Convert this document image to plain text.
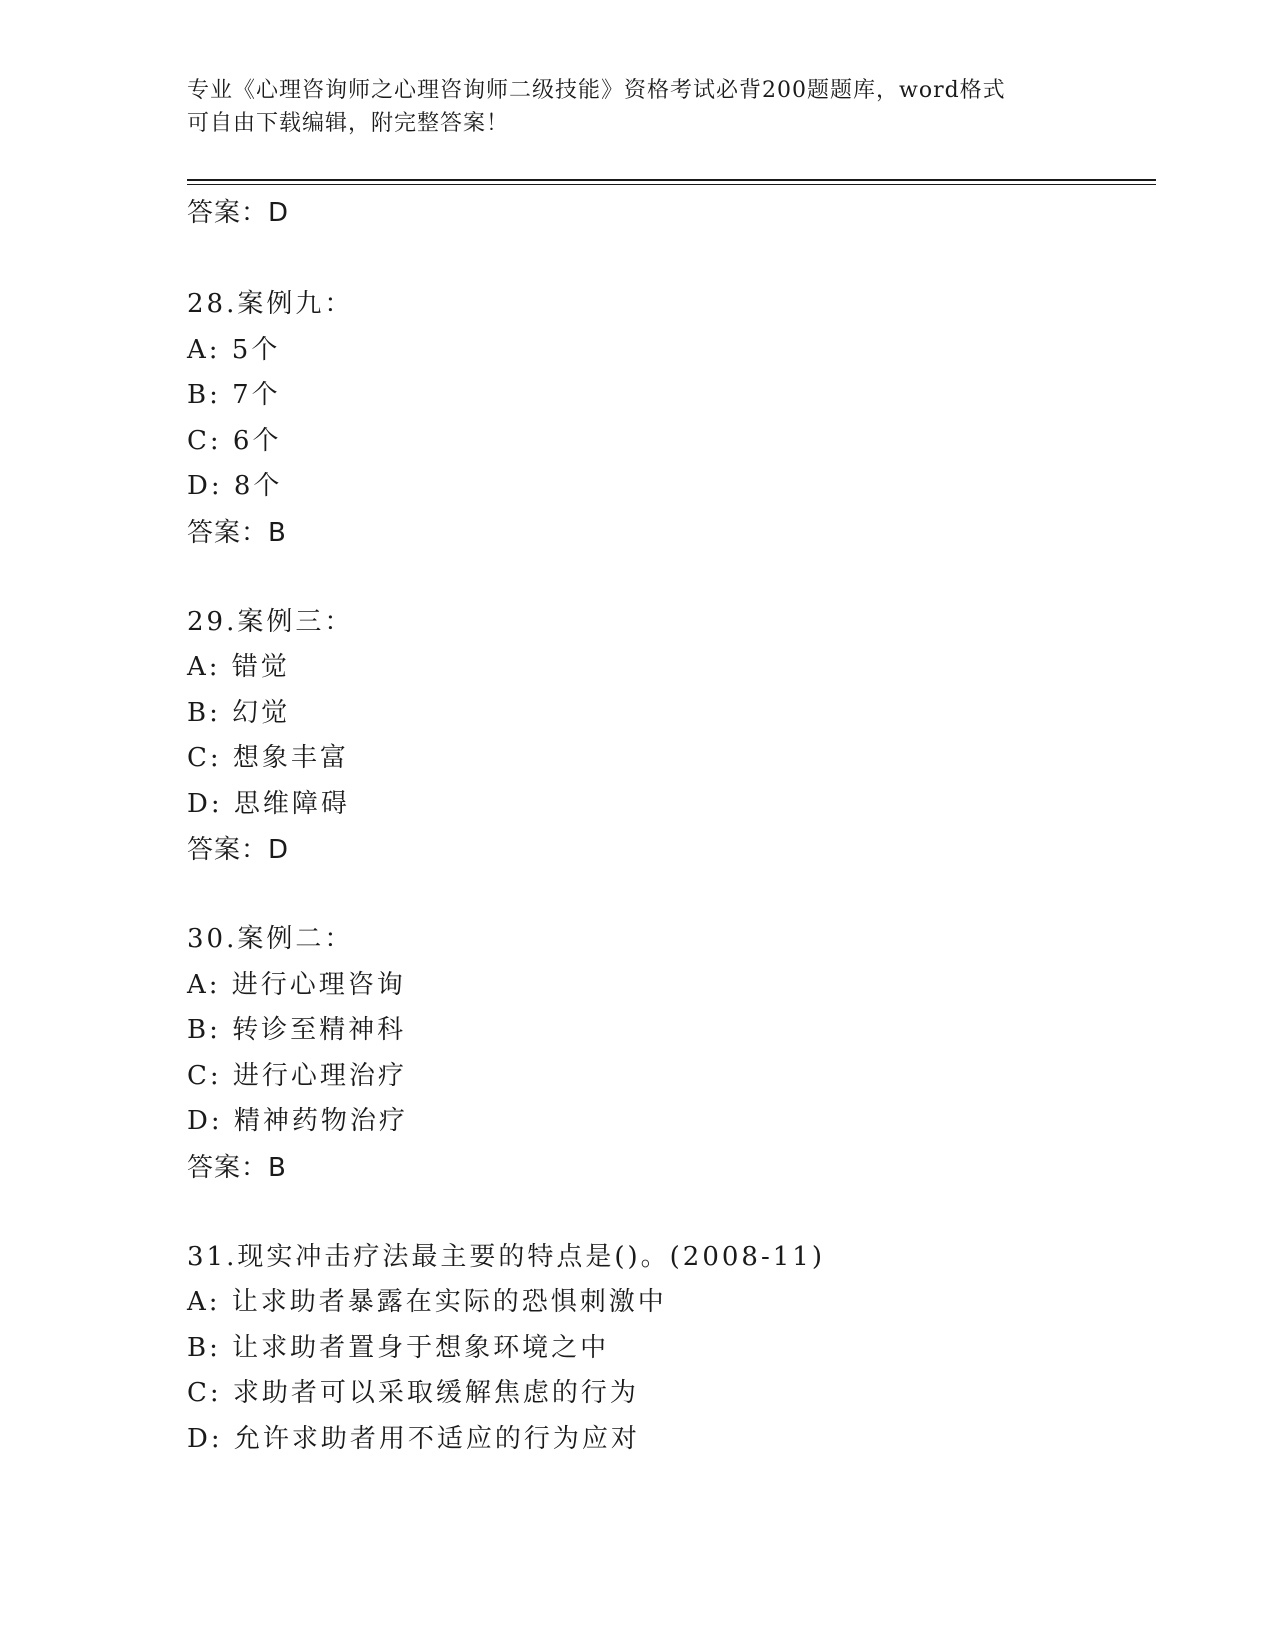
专业《心理咨询师之心理咨询师二级技能》资格考试必背200题题库，word格式
可自由下载编辑，附完整答案！
答案：D
28.案例九：
A: 5个
B: 7个
C: 6个
D: 8个
答案：B
29.案例三：
A: 错觉
B: 幻觉
C: 想象丰富
D: 思维障碍
答案：D
30.案例二：
A: 进行心理咨询
B: 转诊至精神科
C: 进行心理治疗
D: 精神药物治疗
答案：B
31.现实冲击疗法最主要的特点是()。(2008-11)
A: 让求助者暴露在实际的恐惧刺激中
B: 让求助者置身于想象环境之中
C: 求助者可以采取缓解焦虑的行为
D: 允许求助者用不适应的行为应对
